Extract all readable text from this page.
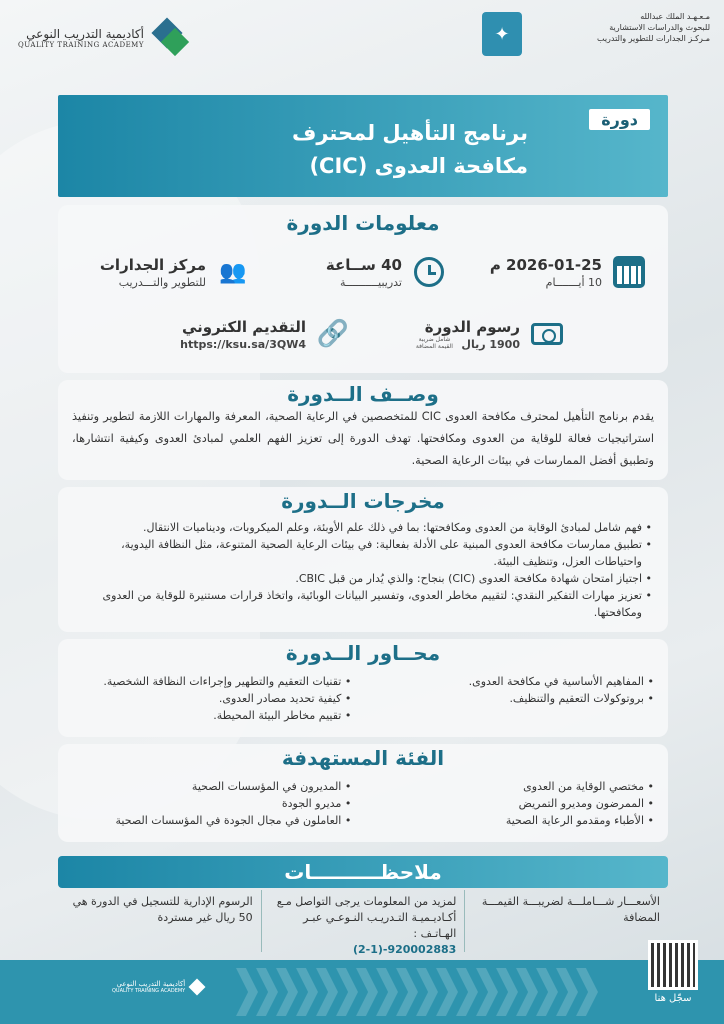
مـعـهـد الملك عبدالله
للبحوث والدراسات الاستشارية
مـركـز الجدارات للتطوير والتدريب
✦
أكاديمية التدريب النوعي
QUALITY TRAINING ACADEMY
دورة
برنامج التأهيل لمحترف
مكافحة العدوى (CIC)
معلومات الدورة
2026-01-25 م
10 أيـــــــام
40 ســاعة
تدريبيــــــــــة
👥
مركز الجدارات
للتطوير والتـــدريب
رسوم الدورة
1900 ريال
شامل ضريبة القيمة المضافة
🔗
التقديم الكتروني
https://ksu.sa/3QW4
وصــف الــدورة

يقدم برنامج التأهيل لمحترف مكافحة العدوى CIC للمتخصصين في الرعاية الصحية، المعرفة والمهارات اللازمة لتطوير وتنفيذ استراتيجيات فعالة للوقاية من العدوى ومكافحتها. تهدف الدورة إلى تعزيز الفهم العلمي لمبادئ العدوى وكيفية انتشارها، وتطبيق أفضل الممارسات في بيئات الرعاية الصحية.

مخرجات الــدورة
• فهم شامل لمبادئ الوقاية من العدوى ومكافحتها: بما في ذلك علم الأوبئة، وعلم الميكروبات، وديناميات الانتقال.
• تطبيق ممارسات مكافحة العدوى المبنية على الأدلة بفعالية: في بيئات الرعاية الصحية المتنوعة، مثل النظافة اليدوية، واحتياطات العزل، وتنظيف البيئة.
• اجتياز امتحان شهادة مكافحة العدوى (CIC) بنجاح: والذي يُدار من قبل CBIC.
• تعزيز مهارات التفكير النقدي: لتقييم مخاطر العدوى، وتفسير البيانات الوبائية، واتخاذ قرارات مستنيرة للوقاية من العدوى ومكافحتها.
محــاور الــدورة
• المفاهيم الأساسية في مكافحة العدوى.
• بروتوكولات التعقيم والتنظيف.
• تقنيات التعقيم والتطهير وإجراءات النظافة الشخصية.
• كيفية تحديد مصادر العدوى.
• تقييم مخاطر البيئة المحيطة.
الفئة المستهدفة
• مختصي الوقاية من العدوى
• الممرضون ومديرو التمريض
• الأطباء ومقدمو الرعاية الصحية
• المديرون في المؤسسات الصحية
• مديرو الجودة
• العاملون في مجال الجودة في المؤسسات الصحية
ملاحظــــــــــات
الأسعـــار شـــاملـــة لضريبـــة القيمـــة المضافة
لمزيد من المعلومات يرجى التواصل مـع أكـاديـميـة التـدريـب النـوعـي عبـر الهـاتـف :
920002883-(2-1)
الرسوم الإدارية للتسجيل في الدورة هي 50 ريال غير مستردة
أكاديمية التدريب النوعي
QUALITY TRAINING ACADEMY
سجّل هنا
